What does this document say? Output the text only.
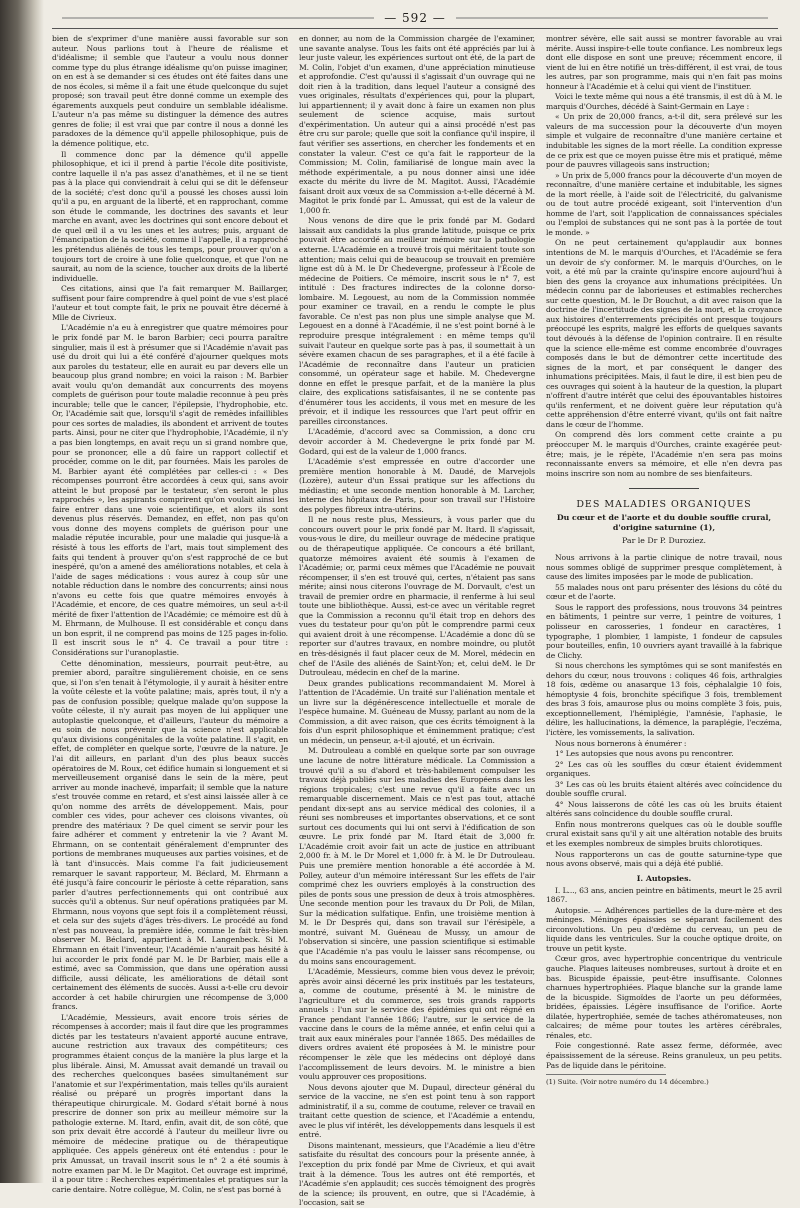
— 592 —

bien de s'exprimer d'une manière aussi favorable sur son auteur. Nous parlions tout à l'heure de réalisme et d'idéalisme; il semble que l'auteur a voulu nous donner comme type du plus étrange idéalisme qu'on puisse imaginer, on en est à se demander si ces études ont été faites dans une de nos écoles, si même il a fait une étude quelconque du sujet proposé; son travail peut être donné comme un exemple des égarements auxquels peut conduire un semblable idéalisme. L'auteur n'a pas même su distinguer la démence des autres genres de folie; il est vrai que par contre il nous a donné les paradoxes de la démence qu'il appelle philosophique, puis de la démence politique, etc.

Il commence donc par la démence qu'il appelle philosophique, et ici il prend à partie l'école dite positiviste, contre laquelle il n'a pas assez d'anathèmes, et il ne se tient pas à la place qui conviendrait à celui qui se dit le défenseur de la société; c'est donc qu'il a poussé les choses aussi loin qu'il a pu, en arguant de la liberté, et en rapprochant, comme son étude le commande, les doctrines des savants et leur marche en avant, avec les doctrines qui sont encore debout et de quel œil il a vu les unes et les autres; puis, arguant de l'émancipation de la société, comme il l'appelle, il a rapproché les prétendus aliénés de tous les temps, pour prouver qu'on a toujours tort de croire à une folie quelconque, et que l'on ne saurait, au nom de la science, toucher aux droits de la liberté individuelle.

Ces citations, ainsi que l'a fait remarquer M. Baillarger, suffisent pour faire comprendre à quel point de vue s'est placé l'auteur et tout compte fait, le prix ne pouvait être décerné à Mlle de Civrieux.

L'Académie n'a eu à enregistrer que quatre mémoires pour le prix fondé par M. le baron Barbier; ceci pourra paraître singulier, mais il est à présumer que si l'Académie n'avait pas usé du droit qui lui a été conféré d'ajourner quelques mots aux paroles du testateur, elle en aurait eu par devers elle un beaucoup plus grand nombre; en voici la raison : M. Barbier avait voulu qu'on demandât aux concurrents des moyens complets de guérison pour toute maladie reconnue à peu près incurable; telle que le cancer, l'épilepsie, l'hydrophobie, etc. Or, l'Académie sait que, lorsqu'il s'agit de remèdes infaillibles pour ces sortes de maladies, ils abondent et arrivent de toutes parts. Ainsi, pour ne citer que l'hydrophobie, l'Académie, il n'y a pas bien longtemps, en avait reçu un si grand nombre que, pour se prononcer, elle a dû faire un rapport collectif et procéder, comme on le dit, par fournées. Mais les paroles de M. Barbier ayant été complétées par celles-ci : « Des récompenses pourront être accordées à ceux qui, sans avoir atteint le but proposé par le testateur, s'en seront le plus rapprochés », les aspirants comprirent qu'on voulait ainsi les faire entrer dans une voie scientifique, et alors ils sont devenus plus réservés. Demandez, en effet, non pas qu'on vous donne des moyens complets de guérison pour une maladie réputée incurable, pour une maladie qui jusque-là a résisté à tous les efforts de l'art, mais tout simplement des faits qui tendent à prouver qu'on s'est rapproché de ce but inespéré, qu'on a amené des améliorations notables, et cela à l'aide de sages médications : vous aurez à coup sûr une notable réduction dans le nombre des concurrents; ainsi nous n'avons eu cette fois que quatre mémoires envoyés à l'Académie, et encore, de ces quatre mémoires, un seul a-t-il mérité de fixer l'attention de l'Académie; ce mémoire est dû à M. Ehrmann, de Mulhouse. Il est considérable et conçu dans un bon esprit, il ne comprend pas moins de 125 pages in-folio. Il est inscrit sous le n° 4. Ce travail a pour titre : Considérations sur l'uranoplastie.

Cette dénomination, messieurs, pourrait peut-être, au premier abord, paraître singulièrement choisie, en ce sens que, si l'on s'en tenait à l'étymologie, il y aurait à hésiter entre la voûte céleste et la voûte palatine; mais, après tout, il n'y a pas de confusion possible; quelque malade qu'on suppose la voûte céleste, il n'y aurait pas moyen de lui appliquer une autoplastie quelconque, et d'ailleurs, l'auteur du mémoire a eu soin de nous prévenir que la science n'est applicable qu'aux divisions congénitales de la voûte palatine. Il s'agit, en effet, de compléter en quelque sorte, l'œuvre de la nature. Je l'ai dit ailleurs, en parlant d'un des plus beaux succès opératoires de M. Roux, cet édifice humain si longuement et si merveilleusement organisé dans le sein de la mère, peut arriver au monde inachevé, imparfait; il semble que la nature s'est trouvée comme en retard, et s'est ainsi laissée aller à ce qu'on nomme des arrêts de développement. Mais, pour combler ces vides, pour achever ces cloisons vivantes, où prendre des matériaux ? De quel ciment se servir pour les faire adhérer et comment y entretenir la vie ? Avant M. Ehrmann, on se contentait généralement d'emprunter des portions de membranes muqueuses aux parties voisines, et de là tant d'insuccès. Mais comme l'a fait judicieusement remarquer le savant rapporteur, M. Béclard, M. Ehrmann a été jusqu'à faire concourir le périoste à cette réparation, sans parler d'autres perfectionnements qui ont contribué aux succès qu'il a obtenus. Sur neuf opérations pratiquées par M. Ehrmann, nous voyons que sept fois il a complètement réussi, et cela sur des sujets d'âges très-divers. Le procédé au fond n'est pas nouveau, la première idée, comme le fait très-bien observer M. Béclard, appartient à M. Langenbeck. Si M. Ehrmann en était l'inventeur, l'Académie n'aurait pas hésité à lui accorder le prix fondé par M. le Dr Barbier, mais elle a estimé, avec sa Commission, que dans une opération aussi difficile, aussi délicate, les améliorations de détail sont certainement des éléments de succès. Aussi a-t-elle cru devoir accorder à cet habile chirurgien une récompense de 3,000 francs.

L'Académie, Messieurs, avait encore trois séries de récompenses à accorder; mais il faut dire que les programmes dictés par les testateurs n'avaient apporté aucune entrave, aucune restriction aux travaux des compétiteurs; ces programmes étaient conçus de la manière la plus large et la plus libérale. Ainsi, M. Amussat avait demandé un travail ou des recherches quelconques basées simultanément sur l'anatomie et sur l'expérimentation, mais telles qu'ils auraient réalisé ou préparé un progrès important dans la thérapeutique chirurgicale. M. Godard s'était borné à nous prescrire de donner son prix au meilleur mémoire sur la pathologie externe. M. Itard, enfin, avait dit, de son côté, que son prix devait être accordé à l'auteur du meilleur livre ou mémoire de médecine pratique ou de thérapeutique appliquée. Ces appels généreux ont été entendus : pour le prix Amussat, un travail inscrit sous le n° 2 a été soumis à notre examen par M. le Dr Magitot. Cet ouvrage est imprimé, il a pour titre : Recherches expérimentales et pratiques sur la carie dentaire. Notre collègue, M. Colin, ne s'est pas borné à

en donner, au nom de la Commission chargée de l'examiner, une savante analyse. Tous les faits ont été appréciés par lui à leur juste valeur, les expériences surtout ont été, de la part de M. Colin, l'objet d'un examen, d'une appréciation minutieuse et approfondie. C'est qu'aussi il s'agissait d'un ouvrage qui ne doit rien à la tradition, dans lequel l'auteur a consigné des vues originales, résultats d'expériences qui, pour la plupart, lui appartiennent; il y avait donc à faire un examen non plus seulement de science acquise, mais surtout d'expérimentation. Un auteur qui a ainsi procédé n'est pas être cru sur parole; quelle que soit la confiance qu'il inspire, il faut vérifier ses assertions, en chercher les fondements et en constater la valeur. C'est ce qu'a fait le rapporteur de la Commission; M. Colin, familiarisé de longue main avec la méthode expérimentale, a pu nous donner ainsi une idée exacte du mérite du livre de M. Magitot. Aussi, l'Académie faisant droit aux vœux de sa Commission a-t-elle décerné à M. Magitot le prix fondé par L. Amussat, qui est de la valeur de 1,000 fr.

Nous venons de dire que le prix fondé par M. Godard laissait aux candidats la plus grande latitude, puisque ce prix pouvait être accordé au meilleur mémoire sur la pathologie externe. L'Académie en a trouvé trois qui méritaient toute son attention; mais celui qui de beaucoup se trouvait en première ligne est dû à M. le Dr Chedevergne, professeur à l'École de médecine de Poitiers. Ce mémoire, inscrit sous le n° 7, est intitulé : Des fractures indirectes de la colonne dorso-lombaire. M. Legouest, au nom de la Commission nommée pour examiner ce travail, en a rendu le compte le plus favorable. Ce n'est pas non plus une simple analyse que M. Legouest en a donné à l'Académie, il ne s'est point borné à le reproduire presque intégralement : en même temps qu'il suivait l'auteur en quelque sorte pas à pas, il soumettait à un sévère examen chacun de ses paragraphes, et il a été facile à l'Académie de reconnaître dans l'auteur un praticien consommé, un opérateur sage et habile. M. Chedevergne donne en effet le presque parfait, et de la manière la plus claire, des explications satisfaisantes, il ne se contente pas d'énumérer tous les accidents, il vous met en mesure de les prévoir, et il indique les ressources que l'art peut offrir en pareilles circonstances.

L'Académie, d'accord avec sa Commission, a donc cru devoir accorder à M. Chedevergne le prix fondé par M. Godard, qui est de la valeur de 1,000 francs.

L'Académie s'est empressée en outre d'accorder une première mention honorable à M. Daudé, de Marvejols (Lozère), auteur d'un Essai pratique sur les affections du médiastin; et une seconde mention honorable à M. Larcher, interne des hôpitaux de Paris, pour son travail sur l'Histoire des polypes fibreux intra-utérins.

Il ne nous reste plus, Messieurs, à vous parler que du concours ouvert pour le prix fondé par M. Itard. Il s'agissait, vous-vous le dire, du meilleur ouvrage de médecine pratique ou de thérapeutique appliquée. Ce concours a été brillant, quatorze mémoires avaient été soumis à l'examen de l'Académie; or, parmi ceux mêmes que l'Académie ne pouvait récompenser, il s'en est trouvé qui, certes, n'étaient pas sans mérite; ainsi nous citerons l'ouvrage de M. Dorvault, c'est un travail de premier ordre en pharmacie, il renferme à lui seul toute une bibliothèque. Aussi, est-ce avec un véritable regret que la Commission a reconnu qu'il était trop en dehors des vues du testateur pour qu'on pût le comprendre parmi ceux qui avaient droit à une récompense. L'Académie a donc dû se reporter sur d'autres travaux, en nombre moindre, ou plutôt en très-désignés il faut placer ceux de M. Morel, médecin en chef de l'Asile des aliénés de Saint-Yon; et, celui deM. le Dr Dutrouleau, médecin en chef de la marine.

Deux grandes publications recommandaient M. Morel à l'attention de l'Académie. Un traité sur l'aliénation mentale et un livre sur la dégénérescence intellectuelle et morale de l'espèce humaine. M. Guéneau de Mussy, parlant au nom de la Commission, a dit avec raison, que ces écrits témoignent à la fois d'un esprit philosophique et éminemment pratique; c'est un médecin, un penseur, a-t-il ajouté, et un écrivain.

M. Dutrouleau a comblé en quelque sorte par son ouvrage une lacune de notre littérature médicale. La Commission a trouvé qu'il a su d'abord et très-habilement compulser les travaux déjà publiés sur les maladies des Européens dans les régions tropicales; c'est une revue qu'il a faite avec un remarquable discernement. Mais ce n'est pas tout, attaché pendant dix-sept ans au service médical des colonies, il a réuni ses nombreuses et importantes observations, et ce sont surtout ces documents qui lui ont servi à l'édification de son œuvre. Le prix fondé par M. Itard était de 3,000 fr. L'Académie croit avoir fait un acte de justice en attribuant 2,000 fr. à M. le Dr Morel et 1,000 fr. à M. le Dr Dutrouleau. Puis une première mention honorable a été accordée à M. Polley, auteur d'un mémoire intéressant Sur les effets de l'air comprimé chez les ouvriers employés à la construction des piles de ponts sous une pression de deux à trois atmosphères. Une seconde mention pour les travaux du Dr Poli, de Milan, Sur la médication sulfatique. Enfin, une troisième mention à M. le Dr Després qui, dans son travail sur l'érésipèle, a montré, suivant M. Guéneau de Mussy, un amour de l'observation si sincère, une passion scientifique si estimable que l'Académie n'a pas voulu le laisser sans récompense, ou du moins sans encouragement.

L'Académie, Messieurs, comme bien vous devez le prévoir, après avoir ainsi décerné les prix institués par les testateurs, a, comme de coutume, présenté à M. le ministre de l'agriculture et du commerce, ses trois grands rapports annuels : l'un sur le service des épidémies qui ont régné en France pendant l'année 1866; l'autre, sur le service de la vaccine dans le cours de la même année, et enfin celui qui a trait aux eaux minérales pour l'année 1865. Des médailles de divers ordres avaient été proposées à M. le ministre pour récompenser le zèle que les médecins ont déployé dans l'accomplissement de leurs devoirs. M. le ministre a bien voulu approuver ces propositions.

Nous devons ajouter que M. Dupaul, directeur général du service de la vaccine, ne s'en est point tenu à son rapport administratif, il a su, comme de coutume, relever ce travail en traitant cette question de science, et l'Académie a entendu, avec le plus vif intérêt, les développements dans lesquels il est entré.

Disons maintenant, messieurs, que l'Académie a lieu d'être satisfaite du résultat des concours pour la présente année, à l'exception du prix fondé par Mme de Civrieux, et qui avait trait à la démence. Tous les autres ont été remportés, et l'Académie s'en applaudit; ces succès témoignent des progrès de la science; ils prouvent, en outre, que si l'Académie, à l'occasion, sait se

montrer sévère, elle sait aussi se montrer favorable au vrai mérite. Aussi inspire-t-elle toute confiance. Les nombreux legs dont elle dispose en sont une preuve; récemment encore, il vient de lui en être notifié un très-différent, il est vrai, de tous les autres, par son programme, mais qui n'en fait pas moins honneur à l'Académie et à celui qui vient de l'instituer.

Voici le texte même qui nous a été transmis, il est dû à M. le marquis d'Ourches, décédé à Saint-Germain en Laye :

« Un prix de 20,000 francs, a-t-il dit, sera prélevé sur les valeurs de ma succession pour la découverte d'un moyen simple et vulgaire de reconnaître d'une manière certaine et indubitable les signes de la mort réelle. La condition expresse de ce prix est que ce moyen puisse être mis et pratiqué, même pour de pauvres villageois sans instruction;

» Un prix de 5,000 francs pour la découverte d'un moyen de reconnaître, d'une manière certaine et indubitable, les signes de la mort réelle, à l'aide soit de l'électricité, du galvanisme ou de tout autre procédé exigeant, soit l'intervention d'un homme de l'art, soit l'application de connaissances spéciales ou l'emploi de substances qui ne sont pas à la portée de tout le monde. »

On ne peut certainement qu'applaudir aux bonnes intentions de M. le marquis d'Ourches, et l'Académie se fera un devoir de s'y conformer. M. le marquis d'Ourches, on le voit, a été mû par la crainte qu'inspire encore aujourd'hui à bien des gens la croyance aux inhumations précipitées. Un médecin connu par de laborieuses et estimables recherches sur cette question, M. le Dr Bouchut, a dit avec raison que la doctrine de l'incertitude des signes de la mort, et la croyance aux histoires d'enterrements précipités ont presque toujours préoccupé les esprits, malgré les efforts de quelques savants tout dévoués à la défense de l'opinion contraire. Il en résulte que la science elle-même est comme encombrée d'ouvrages composés dans le but de démontrer cette incertitude des signes de la mort, et par conséquent le danger des inhumations précipitées. Mais, il faut le dire, il est bien peu de ces ouvrages qui soient à la hauteur de la question, la plupart n'offrent d'autre intérêt que celui des épouvantables histoires qu'ils renferment, et ne doivent guère leur réputation qu'à cette appréhension d'être enterré vivant, qu'ils ont fait naître dans le cœur de l'homme.

On comprend dès lors comment cette crainte a pu préoccuper M. le marquis d'Ourches, crainte exagérée peut-être; mais, je le répète, l'Académie n'en sera pas moins reconnaissante envers sa mémoire, et elle n'en devra pas moins inscrire son nom au nombre de ses bienfaiteurs.

DES MALADIES ORGANIQUES
Du cœur et de l'aorte et du double souffle crural, d'origine saturnine (1),
Par le Dr P. Duroziez.

Nous arrivons à la partie clinique de notre travail, nous nous sommes obligé de supprimer presque complètement, à cause des limites imposées par le mode de publication.

55 malades nous ont paru présenter des lésions du côté du cœur et de l'aorte.

Sous le rapport des professions, nous trouvons 34 peintres en bâtiments, 1 peintre sur verre, 1 peintre de voitures, 1 polisseur en carosseries, 1 fondeur en caractères, 1 typographe, 1 plombier, 1 lampiste, 1 fondeur de capsules pour bouteilles, enfin, 10 ouvriers ayant travaillé à la fabrique de Clichy.

Si nous cherchons les symptômes qui se sont manifestés en dehors du cœur, nous trouvons : coliques 46 fois, arthralgies 18 fois, œdème ou anasarque 13 fois, céphalalgie 10 fois, hémoptysie 4 fois, bronchite spécifique 3 fois, tremblement des bras 3 fois, amaurose plus ou moins complète 3 fois, puis, exceptionnellement, l'hémiplégie, l'amnésie, l'aphasie, le délire, les hallucinations, la démence, la paraplégie, l'eczéma, l'ictère, les vomissements, la salivation.

Nous nous bornerons à énumérer :

1° Les autopsies que nous avons pu rencontrer.

2° Les cas où les souffles du cœur étaient évidemment organiques.

3° Les cas où les bruits étaient altérés avec coïncidence du double souffle crural.

4° Nous laisserons de côté les cas où les bruits étaient altérés sans coïncidence du double souffle crural.

Enfin nous montrerons quelques cas où le double souffle crural existait sans qu'il y ait une altération notable des bruits et les exemples nombreux de simples bruits chlorotiques.

Nous rapporterons un cas de goutte saturnine-type que nous avons observé, mais qui a déjà été publié.

I. Autopsies.

I. L..., 63 ans, ancien peintre en bâtiments, meurt le 25 avril 1867.

Autopsie. — Adhérences partielles de la dure-mère et des méninges. Méninges épaissies se séparant facilement des circonvolutions. Un peu d'œdème du cerveau, un peu de liquide dans les ventricules. Sur la couche optique droite, on trouve un petit kyste.

Cœur gros, avec hypertrophie concentrique du ventricule gauche. Plaques laiteuses nombreuses, surtout à droite et en bas. Bicuspide épaissie, peut-être insuffisante. Colonnes charnues hypertrophiées. Plaque blanche sur la grande lame de la bicuspide. Sigmoïdes de l'aorte un peu déformées, bridées, épaissies. Légère insuffisance de l'orifice. Aorte dilatée, hypertrophiée, semée de taches athéromateuses, non calcaires; de même pour toutes les artères cérébrales, rénales, etc.

Foie congestionné. Rate assez ferme, déformée, avec épaississement de la séreuse. Reins granuleux, un peu petits. Pas de liquide dans le péritoine.

(1) Suite. (Voir notre numéro du 14 décembre.)
